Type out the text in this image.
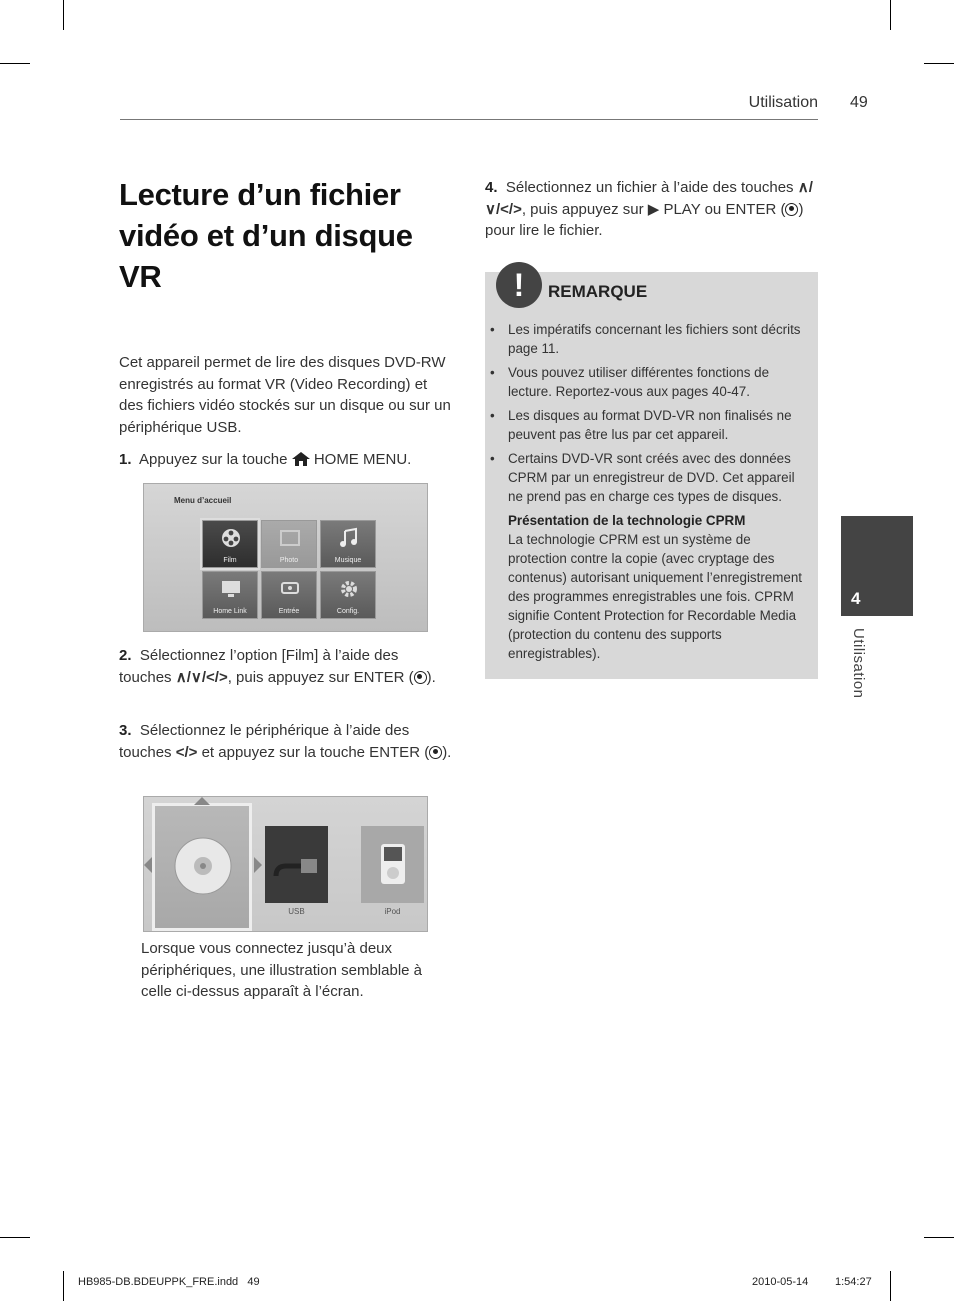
Utilisation 49
Lecture d’un fichier vidéo et d’un disque VR
Cet appareil permet de lire des disques DVD-RW enregistrés au format VR (Video Recording) et des fichiers vidéo stockés sur un disque ou sur un périphérique USB.
1. Appuyez sur la touche HOME MENU.
Menu d’accueil
Film	Photo	Musique
Home Link	Entrée	Config.
2. Sélectionnez l’option [Film] à l’aide des touches ∧/∨/</>, puis appuyez sur ENTER ( ).
3. Sélectionnez le périphérique à l’aide des touches </> et appuyez sur la touche ENTER ( ).
USB	iPod
Lorsque vous connectez jusqu’à deux périphériques, une illustration semblable à celle ci-dessus apparaît à l’écran.
4. Sélectionnez un fichier à l’aide des touches ∧/∨/</>, puis appuyez sur ▶ PLAY ou ENTER ( ) pour lire le fichier.
!	REMARQUE
• Les impératifs concernant les fichiers sont décrits page 11.
• Vous pouvez utiliser différentes fonctions de lecture. Reportez-vous aux pages 40-47.
• Les disques au format DVD-VR non finalisés ne peuvent pas être lus par cet appareil.
• Certains DVD-VR sont créés avec des données CPRM par un enregistreur de DVD. Cet appareil ne prend pas en charge ces types de disques.
Présentation de la technologie CPRM
La technologie CPRM est un système de protection contre la copie (avec cryptage des contenus) autorisant uniquement l’enregistrement des programmes enregistrables une fois. CPRM signifie Content Protection for Recordable Media (protection du contenu des supports enregistrables).
4
Utilisation
HB985-DB.BDEUPPK_FRE.indd   49	2010-05-14 1:54:27
